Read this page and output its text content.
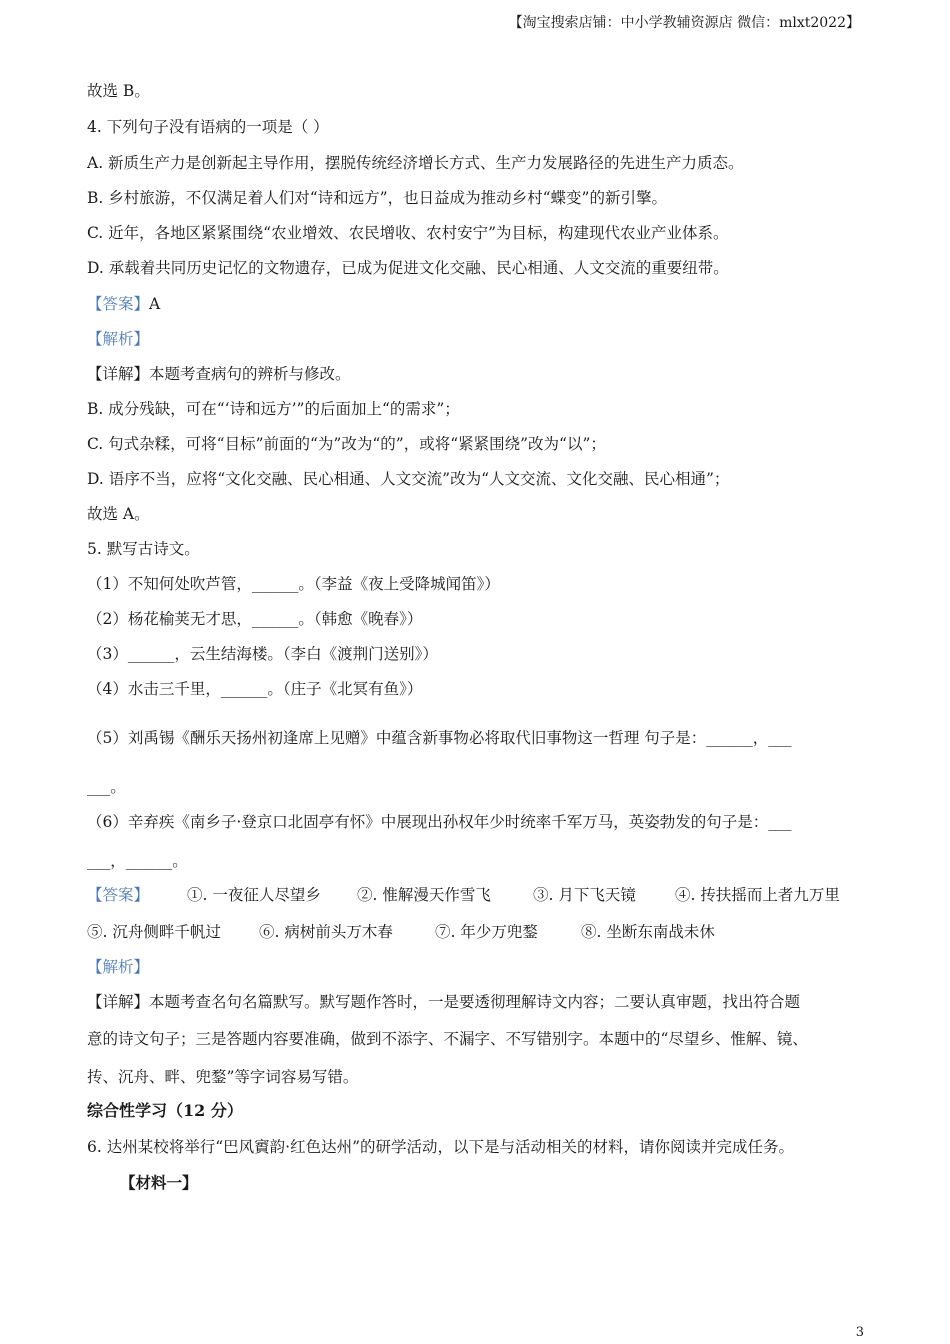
【淘宝搜索店铺：中小学教辅资源店 微信：mlxt2022】
故选 B。
4. 下列句子没有语病的一项是（ ）
A. 新质生产力是创新起主导作用，摆脱传统经济增长方式、生产力发展路径的先进生产力质态。
B. 乡村旅游，不仅满足着人们对“诗和远方”，也日益成为推动乡村“蝶变”的新引擎。
C. 近年，各地区紧紧围绕“农业增效、农民增收、农村安宁”为目标，构建现代农业产业体系。
D. 承载着共同历史记忆的文物遗存，已成为促进文化交融、民心相通、人文交流的重要纽带。
【答案】A
【解析】
【详解】本题考查病句的辨析与修改。
B. 成分残缺，可在“‘诗和远方’”的后面加上“的需求”；
C. 句式杂糅，可将“目标”前面的“为”改为“的”，或将“紧紧围绕”改为“以”；
D. 语序不当，应将“文化交融、民心相通、人文交流”改为“人文交流、文化交融、民心相通”；
故选 A。
5. 默写古诗文。
（1）不知何处吹芦管，______。（李益《夜上受降城闻笛》）
（2）杨花榆荚无才思，______。（韩愈《晚春》）
（3）______，云生结海楼。（李白《渡荆门送别》）
（4）水击三千里，______。（庄子《北冥有鱼》）
（5）刘禹锡《酬乐天扬州初逢席上见赠》中蕴含新事物必将取代旧事物这一哲理 句子是：______，___
___。
（6）辛弃疾《南乡子·登京口北固亭有怀》中展现出孙权年少时统率千军万马，英姿勃发的句子是：___
___，______。
【答案】 ①. 一夜征人尽望乡 ②. 惟解漫天作雪飞	③. 月下飞天镜	④. 抟扶摇而上者九万里
⑤. 沉舟侧畔千帆过 ⑥. 病树前头万木春	⑦. 年少万兜鍪	⑧. 坐断东南战未休
【解析】
【详解】本题考查名句名篇默写。默写题作答时，一是要透彻理解诗文内容；二要认真审题，找出符合题
意的诗文句子；三是答题内容要准确，做到不添字、不漏字、不写错别字。本题中的“尽望乡、惟解、镜、
抟、沉舟、畔、兜鍪”等字词容易写错。
综合性学习（12 分）
6. 达州某校将举行“巴风賨韵·红色达州”的研学活动，以下是与活动相关的材料，请你阅读并完成任务。
【材料一】
3
